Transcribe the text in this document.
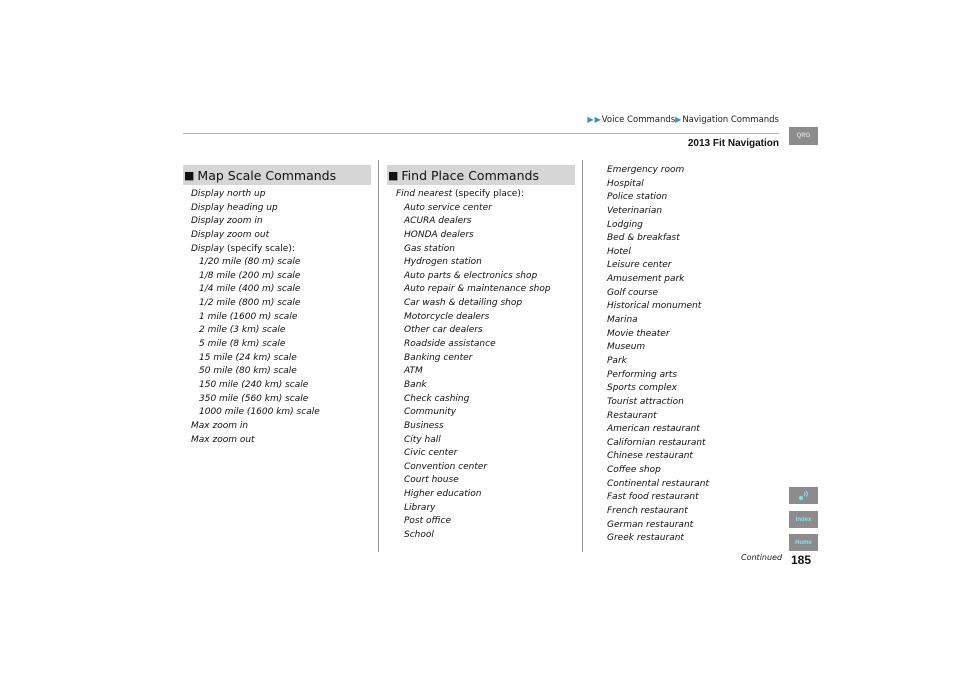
▶▶Voice Commands▶Navigation Commands
2013 Fit Navigation
QRG
■ Map Scale Commands	■ Find Place Commands
Display north up
Display heading up
Display zoom in
Display zoom out
Display (specify scale):
1/20 mile (80 m) scale
1/8 mile (200 m) scale
1/4 mile (400 m) scale
1/2 mile (800 m) scale
1 mile (1600 m) scale
2 mile (3 km) scale
5 mile (8 km) scale
15 mile (24 km) scale
50 mile (80 km) scale
150 mile (240 km) scale
350 mile (560 km) scale
1000 mile (1600 km) scale
Max zoom in
Max zoom out
Find nearest (specify place):
Auto service center
ACURA dealers
HONDA dealers
Gas station
Hydrogen station
Auto parts & electronics shop
Auto repair & maintenance shop
Car wash & detailing shop
Motorcycle dealers
Other car dealers
Roadside assistance
Banking center
ATM
Bank
Check cashing
Community
Business
City hall
Civic center
Convention center
Court house
Higher education
Library
Post office
School
Emergency room
Hospital
Police station
Veterinarian
Lodging
Bed & breakfast
Hotel
Leisure center
Amusement park
Golf course
Historical monument
Marina
Movie theater
Museum
Park
Performing arts
Sports complex
Tourist attraction
Restaurant
American restaurant
Californian restaurant
Chinese restaurant
Coffee shop
Continental restaurant
Fast food restaurant
French restaurant
German restaurant
Greek restaurant
Continued 185
Index
Home
